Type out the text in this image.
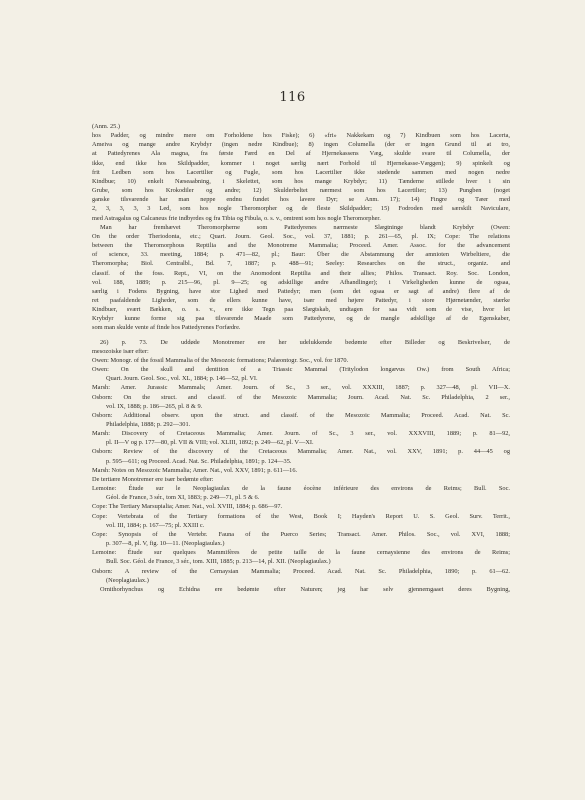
116
(Anm. 25.)
hos Padder, og mindre mere om Forholdene hos Fiske); 6) «fri» Nakkekam og 7) Kindbuen som hos Lacerta,
Ameiva og mange andre Krybdyr (ingen nedre Kindbue); 8) ingen Columella (der er ingen Grund til at tro,
at Pattedyrenes Ala magna, fra første Færd en Del af Hjernekassens Væg, skulde svare til Columella, der
ikke, end ikke hos Skildpadder, kommer i noget særlig nært Forhold til Hjernekasse-Væggen); 9) spinkelt og
frit Ledben som hos Lacertilier og Fugle, som hos Lacertilier ikke stødende sammen med nogen nedre
Kindbue; 10) enkelt Næseaabning, i Skelettet, som hos mange Krybdyr; 11) Tænderne stillede hver i sin
Grube, som hos Krokodiler og andre; 12) Skulderbeltet nærmest som hos Lacertilier; 13) Pungben (noget
ganske tilsvarende har man neppe endnu fundet hos lavere Dyr; se Anm. 17); 14) Fingre og Tæer med
2, 3, 3, 3, 3 Led, som hos nogle Theromorpher og de fleste Skildpadder; 15) Fodroden med særskilt Naviculare,
med Astragalus og Calcaneus frie indbyrdes og fra Tibia og Fibula, o. s. v., omtrent som hos nogle Theromorpher.
Man har fremhævet Theromorpherne som Pattedyrenes nærmeste Slægtninge blandt Krybdyr (Owen:
On the order Theriodonta, etc.; Quart. Journ. Geol. Soc., vol. 37, 1881; p. 261—65, pl. IX; Cope: The relations
between the Theromorphous Reptilia and the Monotreme Mammalia; Proceed. Amer. Assoc. for the advancement
of science, 33. meeting, 1884; p. 471—82, pl.; Baur: Über die Abstammung der amnioten Wirbeltiere, die
Theromorpha; Biol. Centralbl., Bd. 7, 1887; p. 488—91; Seeley: Researches on the struct., organiz. and
classif. of the foss. Rept., VI, on the Anomodont Reptilia and their allies; Philos. Transact. Roy. Soc. London,
vol. 188, 1889; p. 215—96, pl. 9—25; og adskillige andre Afhandlinger); i Virkeligheden kunne de ogsaa,
særlig i Fodens Bygning, have stor Lighed med Pattedyr; men (som det ogsaa er sagt af andre) flere af de
ret paafaldende Ligheder, som de ellers kunne have, især med højere Pattedyr, i store Hjørnetænder, stærke
Kindbuer, svært Bækken, o. s. v., ere ikke Tegn paa Slægtskab, undtagen for saa vidt som de vise, hvor let
Krybdyr kunne forme sig paa tilsvarende Maade som Pattedyrene, og de mangle adskillige af de Egenskaber,
som man skulde vente af finde hos Pattedyrenes Forfædre.
26) p. 73. De uddøde Monotremer ere her udelukkende bedømte efter Billeder og Beskrivelser, de
mesozoiske især efter:
Owen: Monogr. of the fossil Mammalia of the Mesozoic formations; Palæontogr. Soc., vol. for 1870.
Owen: On the skull and dentition of a Triassic Mammal (Tritylodon longævus Ow.) from South Africa;
Quart. Journ. Geol. Soc., vol. XL, 1884; p. 146—52, pl. VI.
Marsh: Amer. Jurassic Mammals; Amer. Journ. of Sc., 3 ser., vol. XXXIII, 1887; p. 327—48, pl. VII—X.
Osborn: On the struct. and classif. of the Mesozoic Mammalia; Journ. Acad. Nat. Sc. Philadelphia, 2 ser.,
vol. IX, 1888; p. 186—265, pl. 8 & 9.
Osborn: Additional observ. upon the struct. and classif. of the Mesozoic Mammalia; Proceed. Acad. Nat. Sc.
Philadelphia, 1888; p. 292—301.
Marsh: Discovery of Cretaceous Mammalia; Amer. Journ. of Sc., 3 ser., vol. XXXVIII, 1889; p. 81—92,
pl. II—V og p. 177—80, pl. VII & VIII; vol. XLIII, 1892; p. 249—62, pl. V—XI.
Osborn: Review of the discovery of the Cretaceous Mammalia; Amer. Nat., vol. XXV, 1891; p. 44—45 og
p. 595—611; og Proceed. Acad. Nat. Sc. Philadelphia, 1891; p. 124—35.
Marsh: Notes on Mesozoic Mammalia; Amer. Nat., vol. XXV, 1891; p. 611—16.
De tertiære Monotremer ere især bedømte efter:
Lemoine: Étude sur le Neoplagiaulax de la faune éocène inférieure des environs de Reims; Bull. Soc.
Géol. de France, 3 sér., tom XI, 1883; p. 249—71, pl. 5 & 6.
Cope: The Tertiary Marsupialia; Amer. Nat., vol. XVIII, 1884; p. 686—97.
Cope: Vertebrata of the Tertiary formations of the West, Book I; Hayden's Report U. S. Geol. Surv. Territ.,
vol. III, 1884; p. 167—75; pl. XXIII c.
Cope: Synopsis of the Vertebr. Fauna of the Puerco Series; Transact. Amer. Philos. Soc., vol. XVI, 1888;
p. 307—8, pl. V, fig. 10—11. (Neoplagiaulax.)
Lemoine: Étude sur quelques Mammifères de petite taille de la faune cernaysienne des environs de Reims;
Bull. Soc. Géol. de France, 3 sér., tom. XIII, 1885; p. 213—14, pl. XII. (Neoplagiaulax.)
Osborn: A review of the Cernaysian Mammalia; Proceed. Acad. Nat. Sc. Philadelphia, 1890; p. 61—62.
(Neoplagiaulax.)
Ornithorhynchus og Echidna ere bedømte efter Naturen; jeg har selv gjennemgaaet deres Bygning,
